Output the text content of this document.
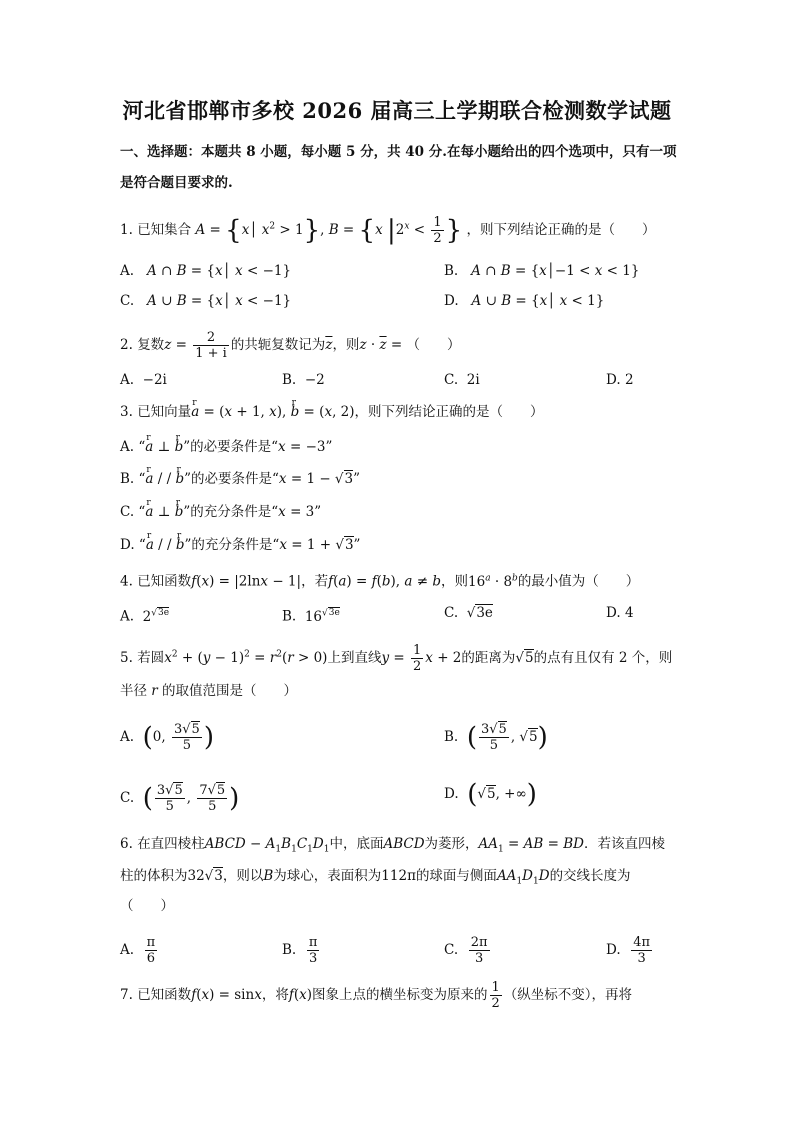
河北省邯郸市多校 2026 届高三上学期联合检测数学试题
一、选择题：本题共 8 小题，每小题 5 分，共 40 分.在每小题给出的四个选项中，只有一项
是符合题目要求的.
1. 已知集合 A = {x│ $x^2 > 1$}, B = {x $|2^x < \frac{1}{2}$ } ，则下列结论正确的是（　　）
A. A ∩ B = {x│ x < −1}	B. A ∩ B = {x│−1 < x < 1}
C. A ∪ B = {x│ x < −1}	D. A ∪ B = {x│ x < 1}
2. 复数$z = \frac{2}{1 + i}$ 的共轭复数记为$\overline{z}$，则$z \cdot \overline{z}$ = （　　）
A. −2i	B. −2	C. 2i	D. 2
3. 已知向量r a = (x + 1, x), r b = (x, 2)，则下列结论正确的是（　　）
A. “r a ⊥ r b”的必要条件是“x = −3”
B. “r a / / r b”的必要条件是“x = 1 − √3”
C. “r a ⊥ r b”的充分条件是“x = 3”
D. “r a / / r b”的充分条件是“x = 1 + √3”
4. 已知函数f(x) = |2lnx − 1|，若f(a) = f(b), a ≠ b，则$16^a \cdot 8^b$的最小值为（　　）
A. $2^{√3e}$	B. $16^{√3e}$	C. √3e	D. 4
5. 若圆$x^2 + (y - 1)^2 = r^2(r > 0)$上到直线$y = \frac{1}{2}$ x + 2的距离为√5的点有且仅有 2 个，则
半径 r 的取值范围是（　　）
A. (0, $\frac{3√5}{5}$ )	B. ( $\frac{3√5}{5}$ , √5)
C. ( $\frac{3√5}{5}$ , $\frac{7√5}{5}$ )	D. (√5, +∞)
6. 在直四棱柱ABCD − $A_1B_1C_1D_1$中，底面ABCD为菱形，$AA_1$ = AB = BD．若该直四棱
柱的体积为32√3，则以B为球心，表面积为112π的球面与侧面$AA_1D_1D$的交线长度为
（　　）
A. $\frac{\pi}{6}$	B. $\frac{\pi}{3}$	C. $\frac{2\pi}{3}$	D. $\frac{4\pi}{3}$
7. 已知函数f(x) = sinx，将f(x)图象上点的横坐标变为原来的 $\frac{1}{2}$ （纵坐标不变），再将
